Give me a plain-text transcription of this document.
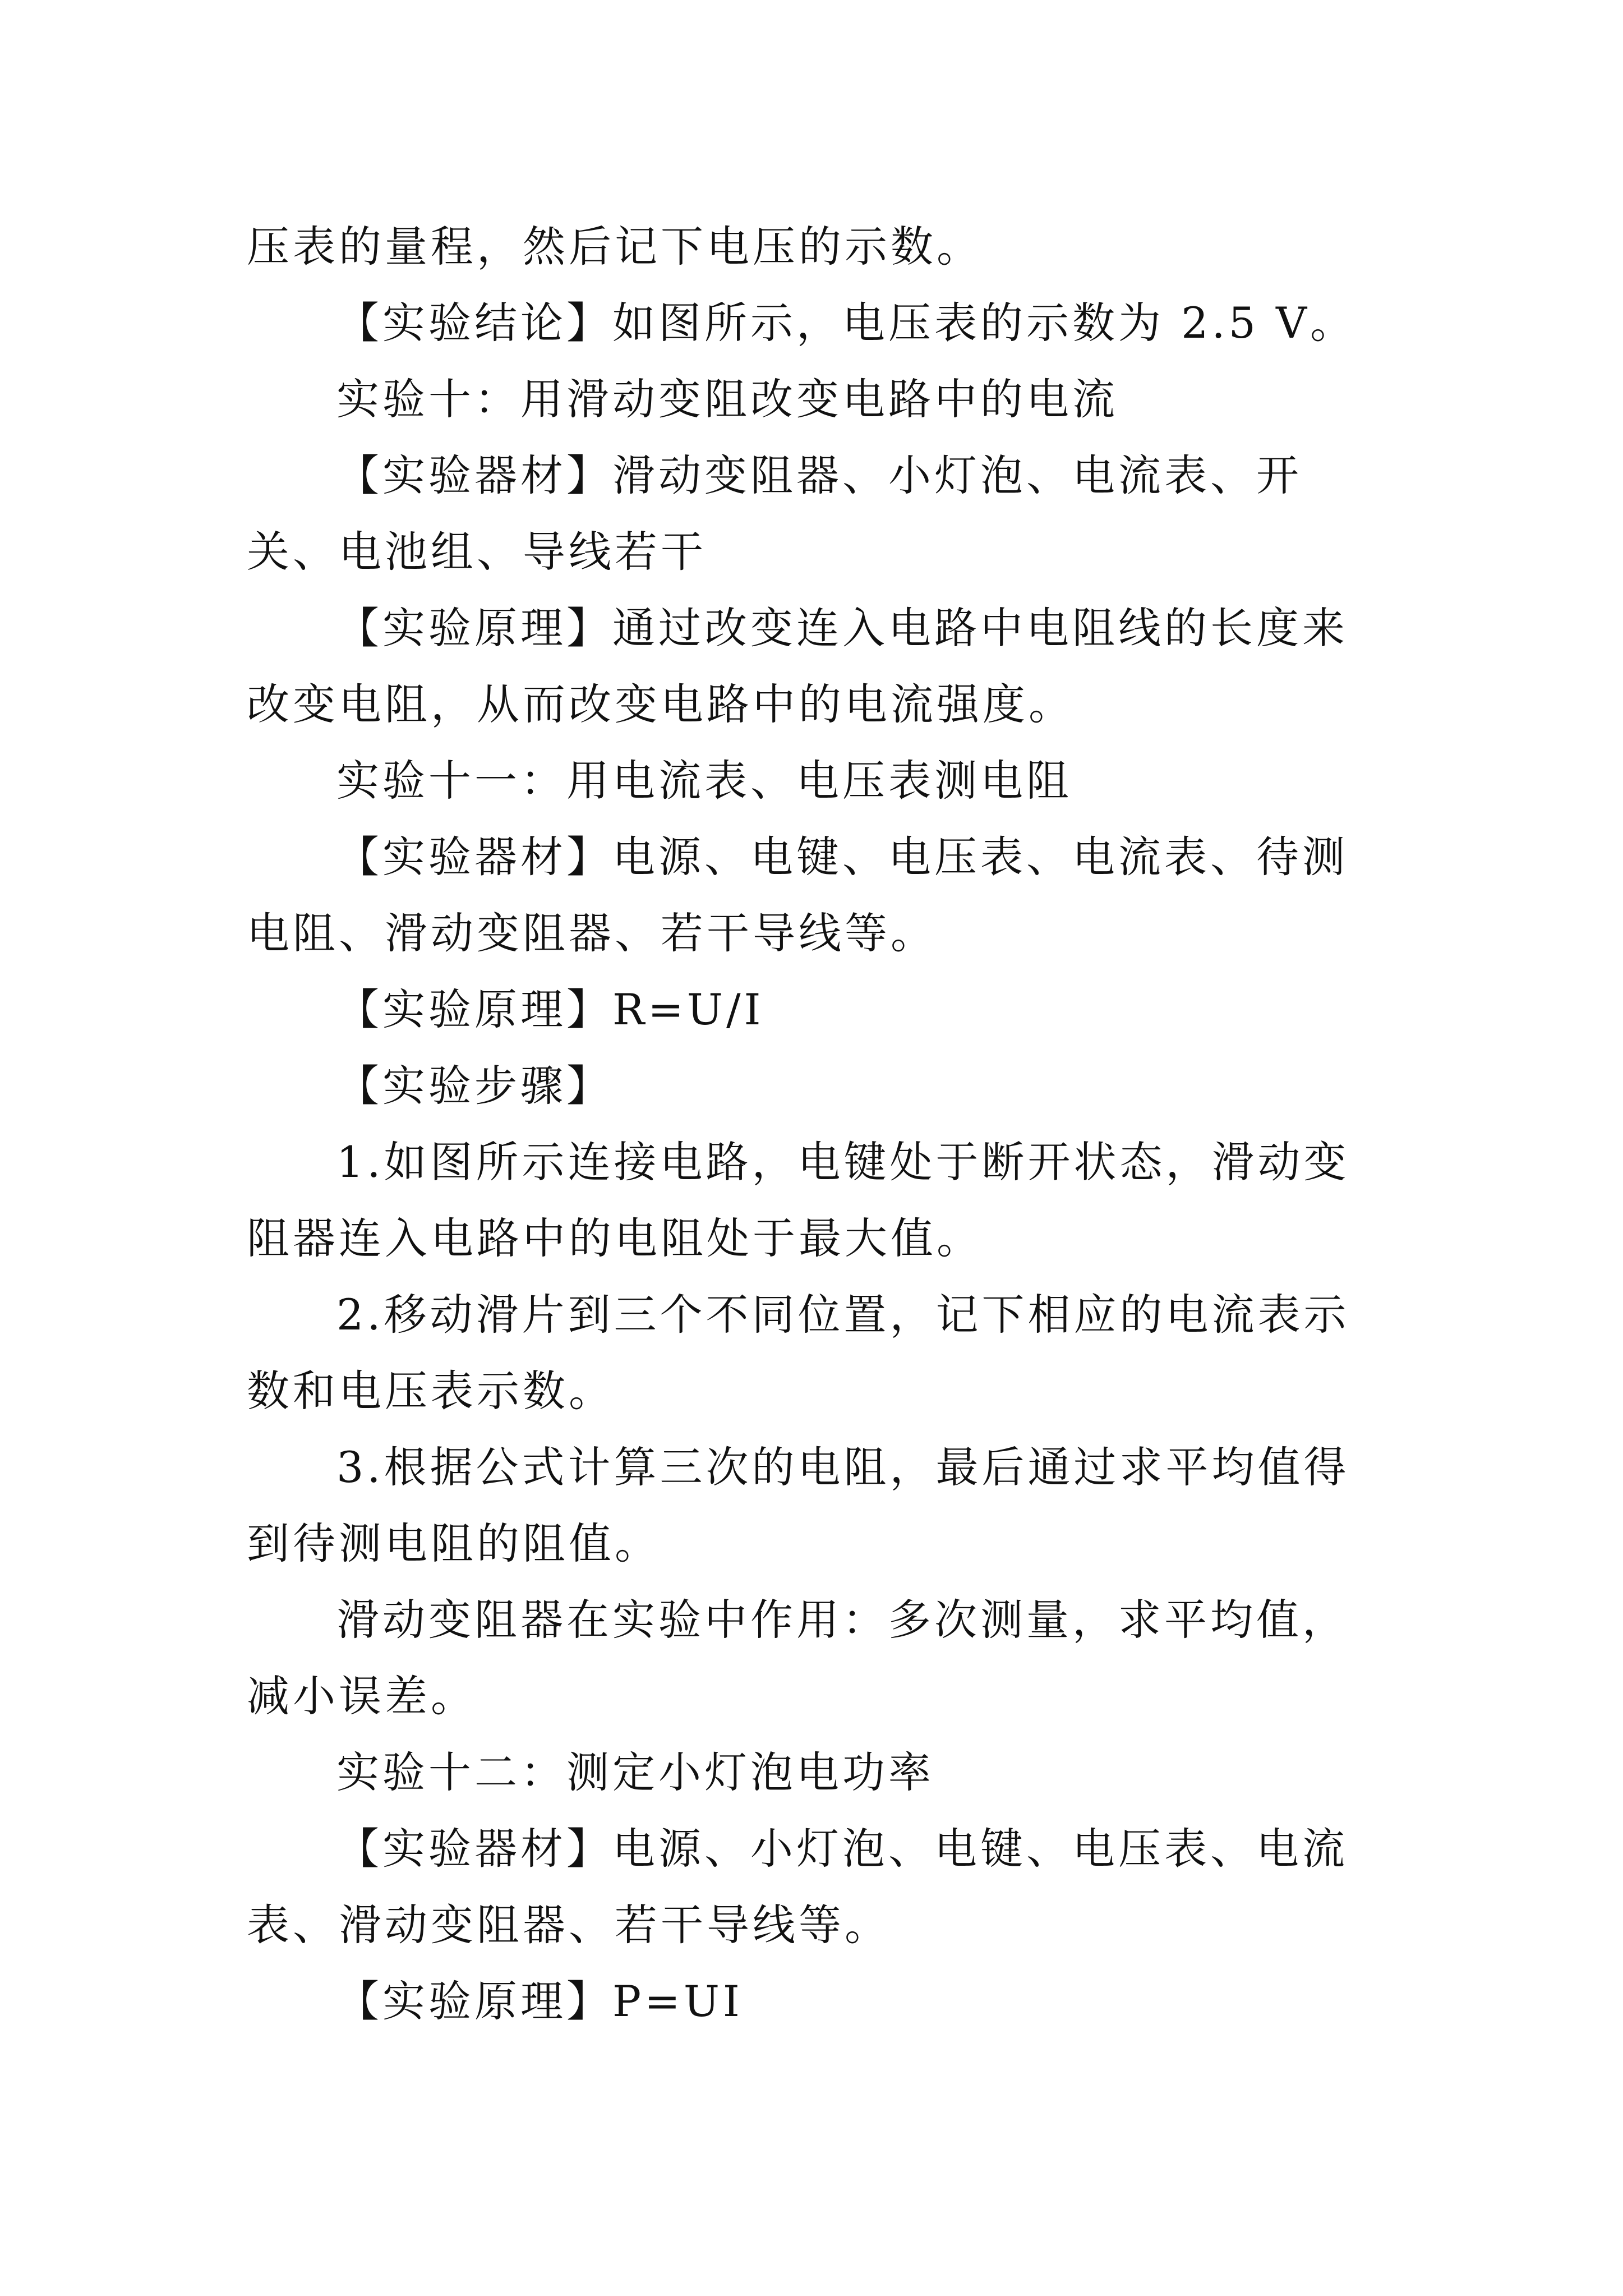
压表的量程，然后记下电压的示数。

【实验结论】如图所示，电压表的示数为 2.5 V。

实验十：用滑动变阻改变电路中的电流

【实验器材】滑动变阻器、小灯泡、电流表、开关、电池组、导线若干

【实验原理】通过改变连入电路中电阻线的长度来改变电阻，从而改变电路中的电流强度。

实验十一：用电流表、电压表测电阻

【实验器材】电源、电键、电压表、电流表、待测电阻、滑动变阻器、若干导线等。

【实验原理】R=U/I

【实验步骤】

1.如图所示连接电路，电键处于断开状态，滑动变阻器连入电路中的电阻处于最大值。

2.移动滑片到三个不同位置，记下相应的电流表示数和电压表示数。

3.根据公式计算三次的电阻，最后通过求平均值得到待测电阻的阻值。

滑动变阻器在实验中作用：多次测量，求平均值，减小误差。

实验十二：测定小灯泡电功率

【实验器材】电源、小灯泡、电键、电压表、电流表、滑动变阻器、若干导线等。

【实验原理】P=UI
